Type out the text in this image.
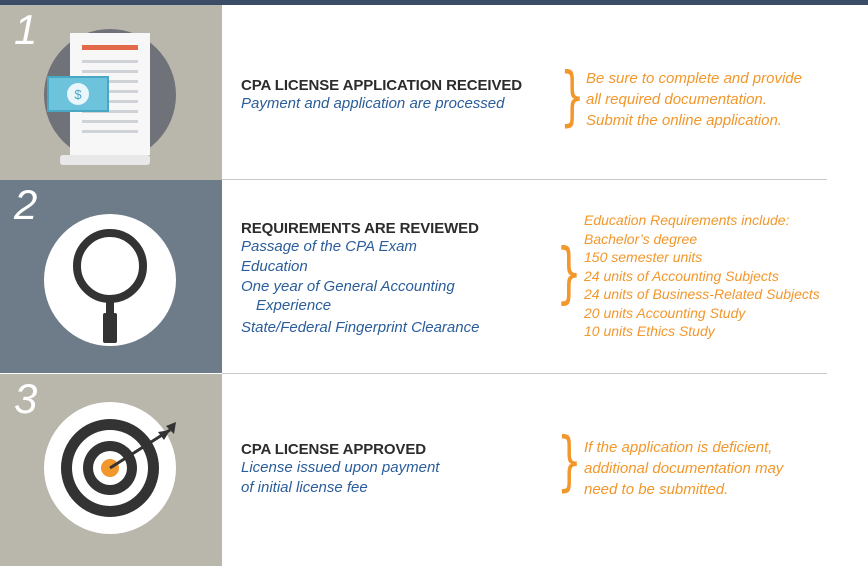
1
$
CPA LICENSE APPLICATION RECEIVED
Payment and application are processed } Be sure to complete and provide
all required documentation.
Submit the online application.
2
REQUIREMENTS ARE REVIEWED
Passage of the CPA Exam
Education
One year of General Accounting
Experience
State/Federal Fingerprint Clearance
}
Education Requirements include:
Bachelor’s degree
150 semester units
24 units of Accounting Subjects
24 units of Business-Related Subjects
20 units Accounting Study
10 units Ethics Study
3
CPA LICENSE APPROVED
License issued upon payment
of initial license fee	} If the application is deficient,
additional documentation may
need to be submitted.
